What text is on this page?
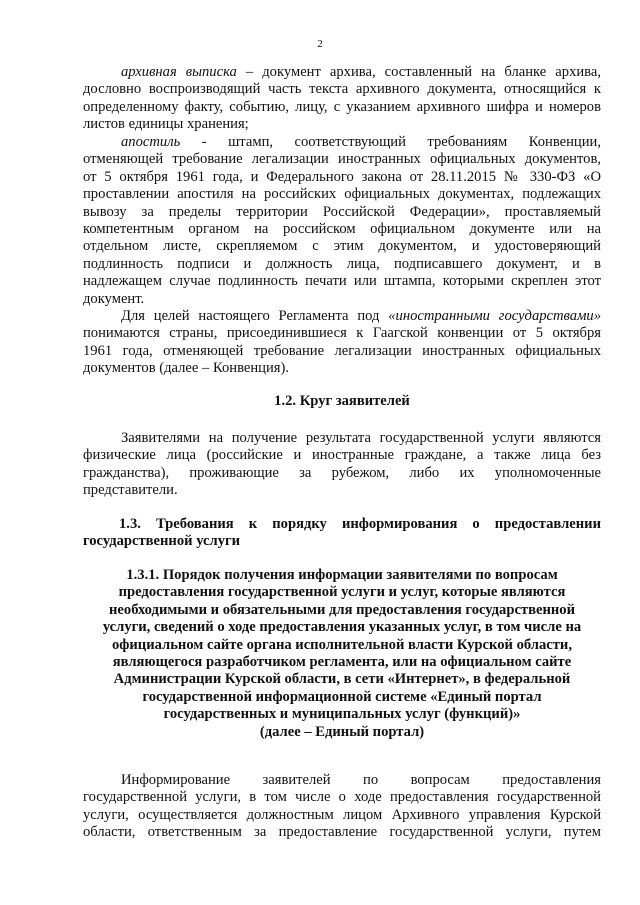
2
архивная выписка – документ архива, составленный на бланке архива,
дословно воспроизводящий часть текста архивного документа, относящийся к
определенному факту, событию, лицу, с указанием архивного шифра и номеров
листов единицы хранения;
апостиль - штамп, соответствующий требованиям Конвенции,
отменяющей требование легализации иностранных официальных документов,
от 5 октября 1961 года, и Федерального закона от 28.11.2015 № 330-ФЗ «О
проставлении апостиля на российских официальных документах, подлежащих
вывозу за пределы территории Российской Федерации», проставляемый
компетентным органом на российском официальном документе или на
отдельном листе, скрепляемом с этим документом, и удостоверяющий
подлинность подписи и должность лица, подписавшего документ, и в
надлежащем случае подлинность печати или штампа, которыми скреплен этот
документ.
Для целей настоящего Регламента под «иностранными государствами»
понимаются страны, присоединившиеся к Гаагской конвенции от 5 октября
1961 года, отменяющей требование легализации иностранных официальных
документов (далее – Конвенция).
1.2. Круг заявителей
Заявителями на получение результата государственной услуги являются
физические лица (российские и иностранные граждане, а также лица без
гражданства), проживающие за рубежом, либо их уполномоченные
представители.
1.3. Требования к порядку информирования о предоставлении
государственной услуги
1.3.1. Порядок получения информации заявителями по вопросам
предоставления государственной услуги и услуг, которые являются
необходимыми и обязательными для предоставления государственной
услуги, сведений о ходе предоставления указанных услуг, в том числе на
официальном сайте органа исполнительной власти Курской области,
являющегося разработчиком регламента, или на официальном сайте
Администрации Курской области, в сети «Интернет», в федеральной
государственной информационной системе «Единый портал
государственных и муниципальных услуг (функций)»
(далее – Единый портал)
Информирование заявителей по вопросам предоставления
государственной услуги, в том числе о ходе предоставления государственной
услуги, осуществляется должностным лицом Архивного управления Курской
области, ответственным за предоставление государственной услуги, путем
